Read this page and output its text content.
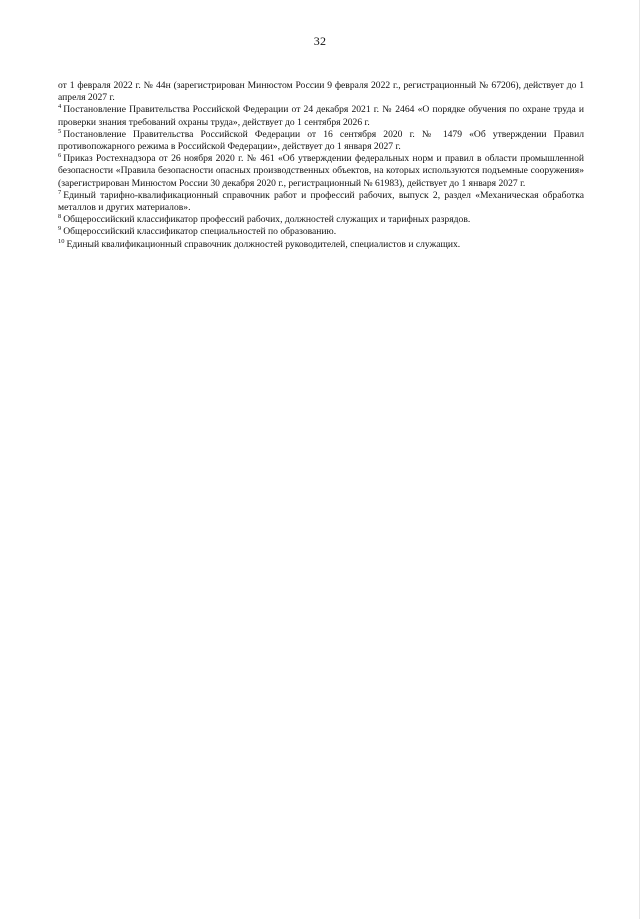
32

от 1 февраля 2022 г. № 44н (зарегистрирован Минюстом России 9 февраля 2022 г., регистрационный № 67206), действует до 1 апреля 2027 г.

$^4$ Постановление Правительства Российской Федерации от 24 декабря 2021 г. № 2464 «О порядке обучения по охране труда и проверки знания требований охраны труда», действует до 1 сентября 2026 г.

$^5$ Постановление Правительства Российской Федерации от 16 сентября 2020 г. № 1479 «Об утверждении Правил противопожарного режима в Российской Федерации», действует до 1 января 2027 г.

$^6$ Приказ Ростехнадзора от 26 ноября 2020 г. № 461 «Об утверждении федеральных норм и правил в области промышленной безопасности «Правила безопасности опасных производственных объектов, на которых используются подъемные сооружения» (зарегистрирован Минюстом России 30 декабря 2020 г., регистрационный № 61983), действует до 1 января 2027 г.

$^7$ Единый тарифно-квалификационный справочник работ и профессий рабочих, выпуск 2, раздел «Механическая обработка металлов и других материалов».

$^8$ Общероссийский классификатор профессий рабочих, должностей служащих и тарифных разрядов.

$^9$ Общероссийский классификатор специальностей по образованию.

$^{10}$ Единый квалификационный справочник должностей руководителей, специалистов и служащих.
